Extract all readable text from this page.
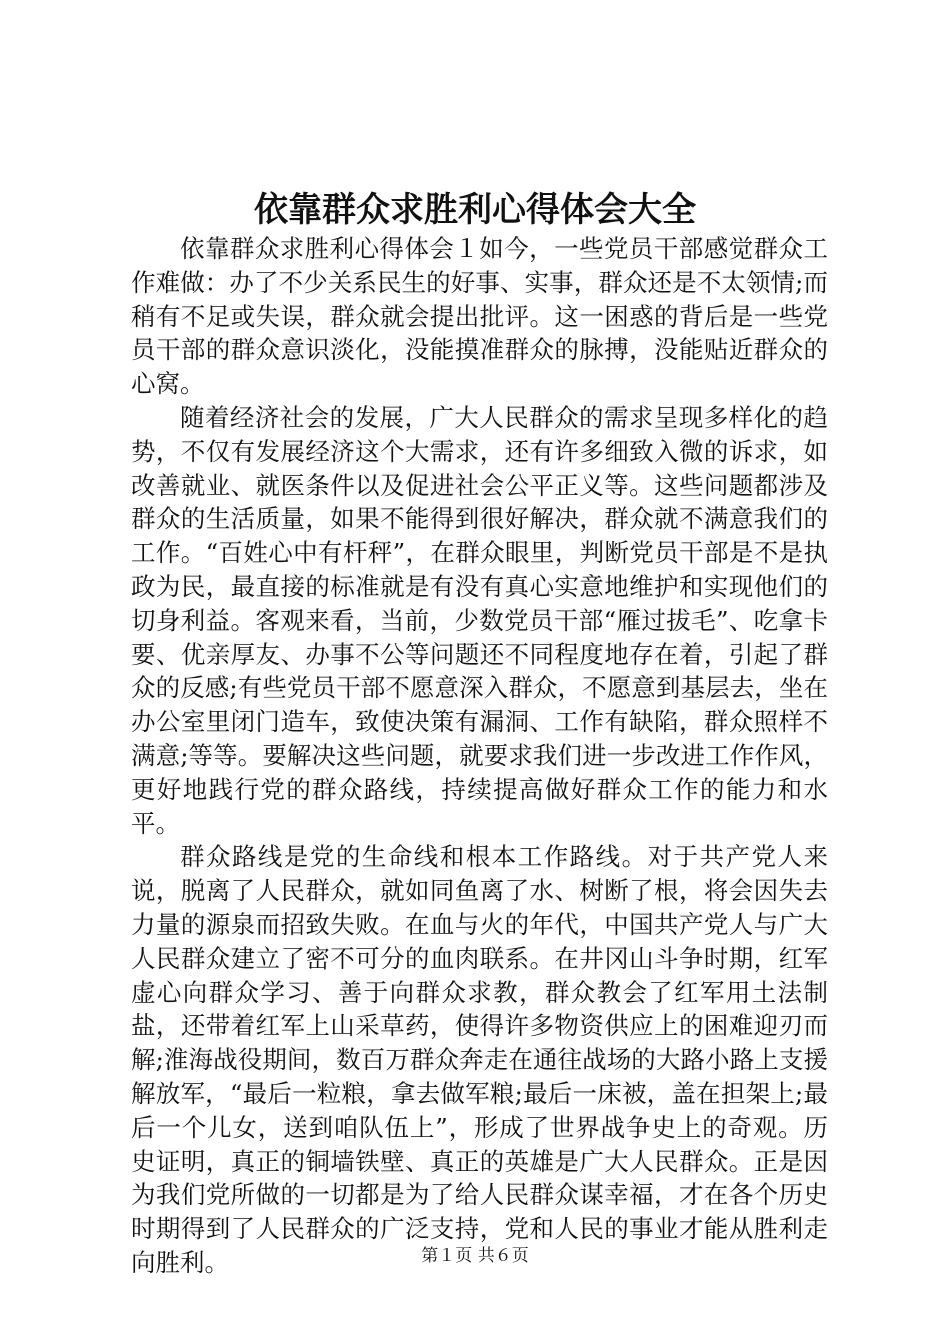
依靠群众求胜利心得体会大全

依靠群众求胜利心得体会１如今，一些党员干部感觉群众工作难做：办了不少关系民生的好事、实事，群众还是不太领情;而稍有不足或失误，群众就会提出批评。这一困惑的背后是一些党员干部的群众意识淡化，没能摸准群众的脉搏，没能贴近群众的心窝。

随着经济社会的发展，广大人民群众的需求呈现多样化的趋势，不仅有发展经济这个大需求，还有许多细致入微的诉求，如改善就业、就医条件以及促进社会公平正义等。这些问题都涉及群众的生活质量，如果不能得到很好解决，群众就不满意我们的工作。“百姓心中有杆秤”，在群众眼里，判断党员干部是不是执政为民，最直接的标准就是有没有真心实意地维护和实现他们的切身利益。客观来看，当前，少数党员干部“雁过拔毛”、吃拿卡要、优亲厚友、办事不公等问题还不同程度地存在着，引起了群众的反感;有些党员干部不愿意深入群众，不愿意到基层去，坐在办公室里闭门造车，致使决策有漏洞、工作有缺陷，群众照样不满意;等等。要解决这些问题，就要求我们进一步改进工作作风，更好地践行党的群众路线，持续提高做好群众工作的能力和水平。

群众路线是党的生命线和根本工作路线。对于共产党人来说，脱离了人民群众，就如同鱼离了水、树断了根，将会因失去力量的源泉而招致失败。在血与火的年代，中国共产党人与广大人民群众建立了密不可分的血肉联系。在井冈山斗争时期，红军虚心向群众学习、善于向群众求教，群众教会了红军用土法制盐，还带着红军上山采草药，使得许多物资供应上的困难迎刃而解;淮海战役期间，数百万群众奔走在通往战场的大路小路上支援解放军，“最后一粒粮，拿去做军粮;最后一床被，盖在担架上;最后一个儿女，送到咱队伍上”，形成了世界战争史上的奇观。历史证明，真正的铜墙铁壁、真正的英雄是广大人民群众。正是因为我们党所做的一切都是为了给人民群众谋幸福，才在各个历史时期得到了人民群众的广泛支持，党和人民的事业才能从胜利走向胜利。	第１页 共６页
